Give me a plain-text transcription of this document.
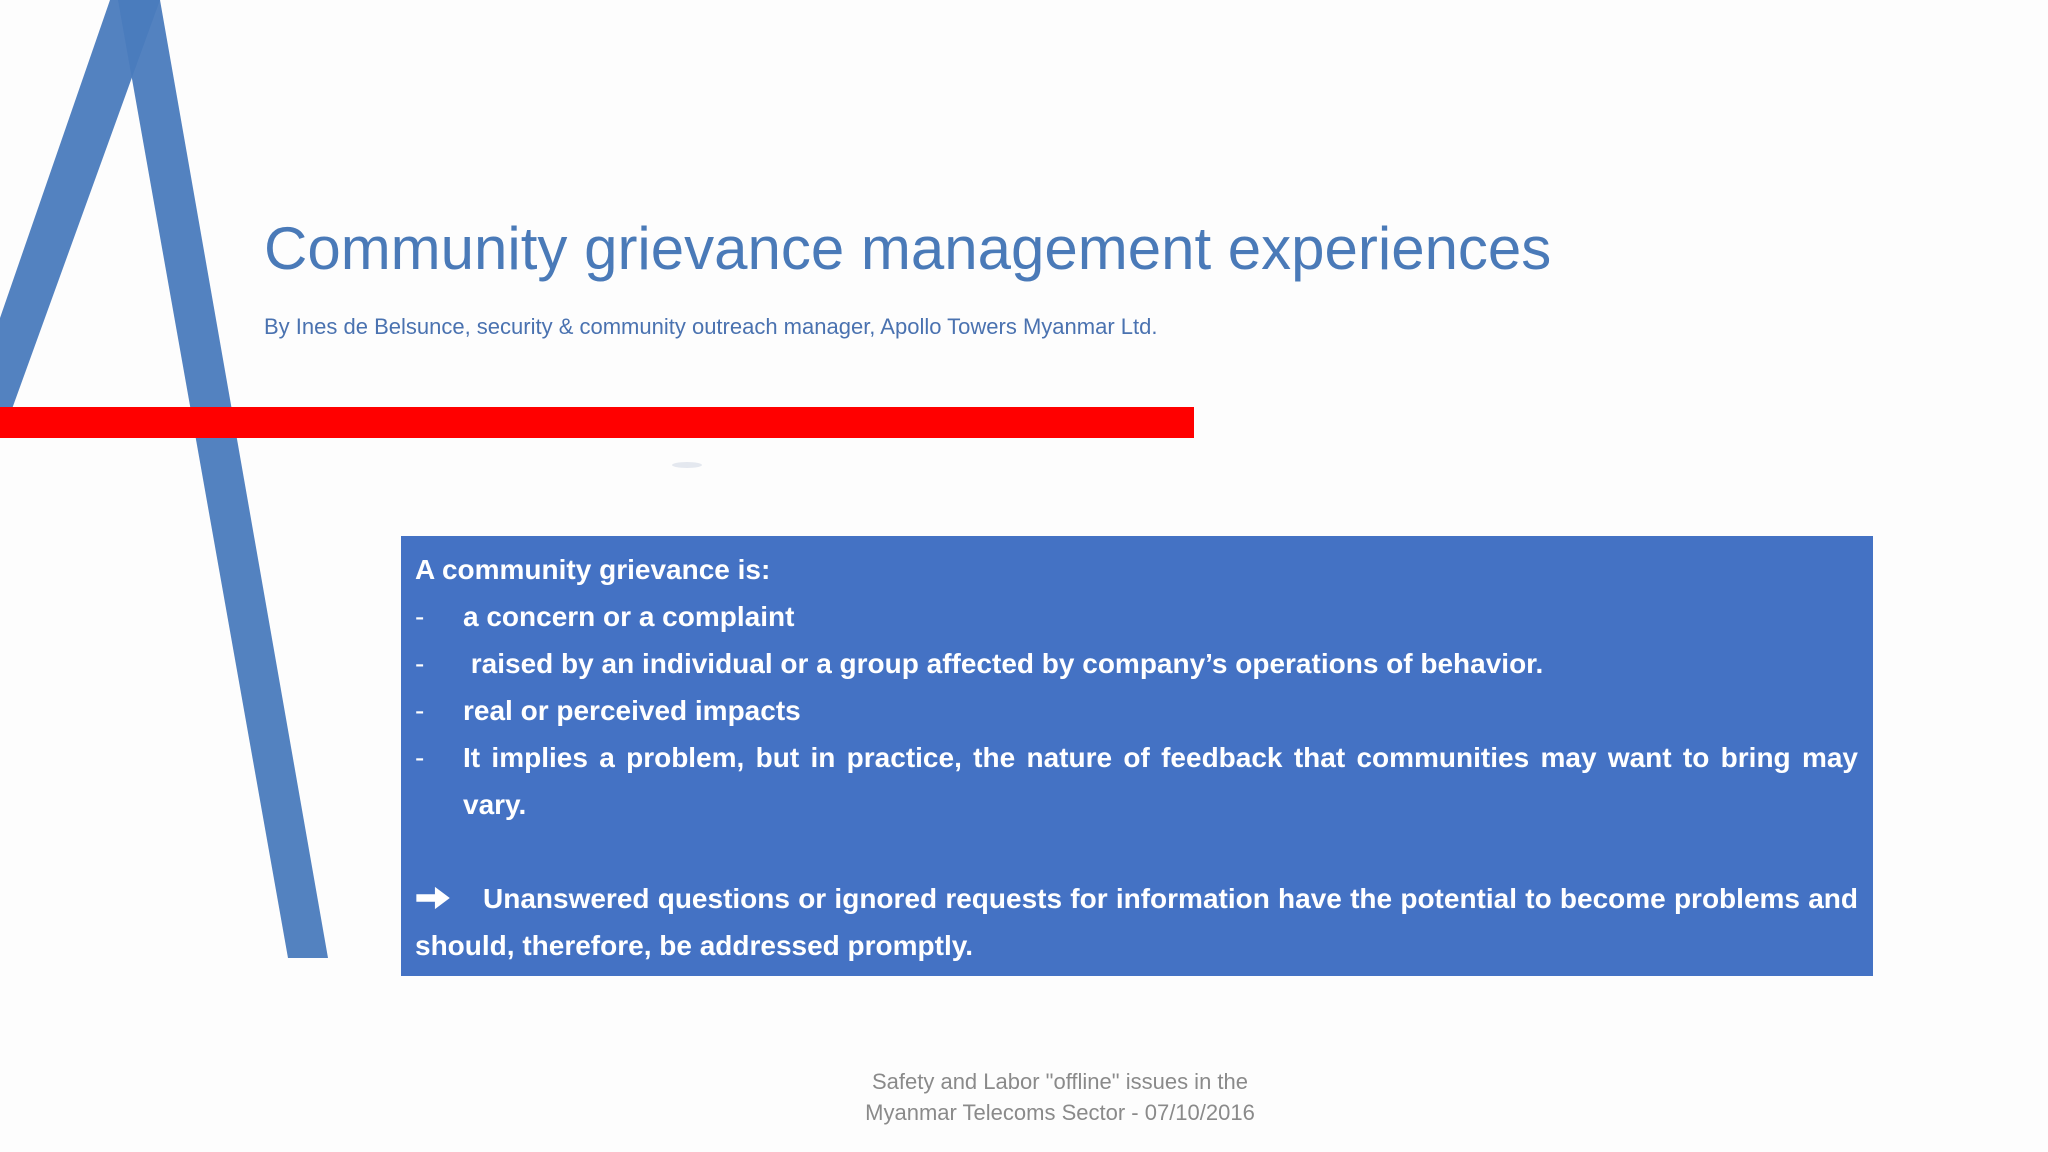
Community grievance management experiences
By Ines de Belsunce, security & community outreach manager, Apollo Towers Myanmar Ltd.
A community grievance is:
-	a concern or a complaint
-	raised by an individual or a group affected by company’s operations of behavior.
-	real or perceived impacts
-	It implies a problem, but in practice, the nature of feedback that communities may want to bring may vary.
Unanswered questions or ignored requests for information have the potential to become problems and should, therefore, be addressed promptly.
Safety and Labor "offline" issues in the
Myanmar Telecoms Sector - 07/10/2016
